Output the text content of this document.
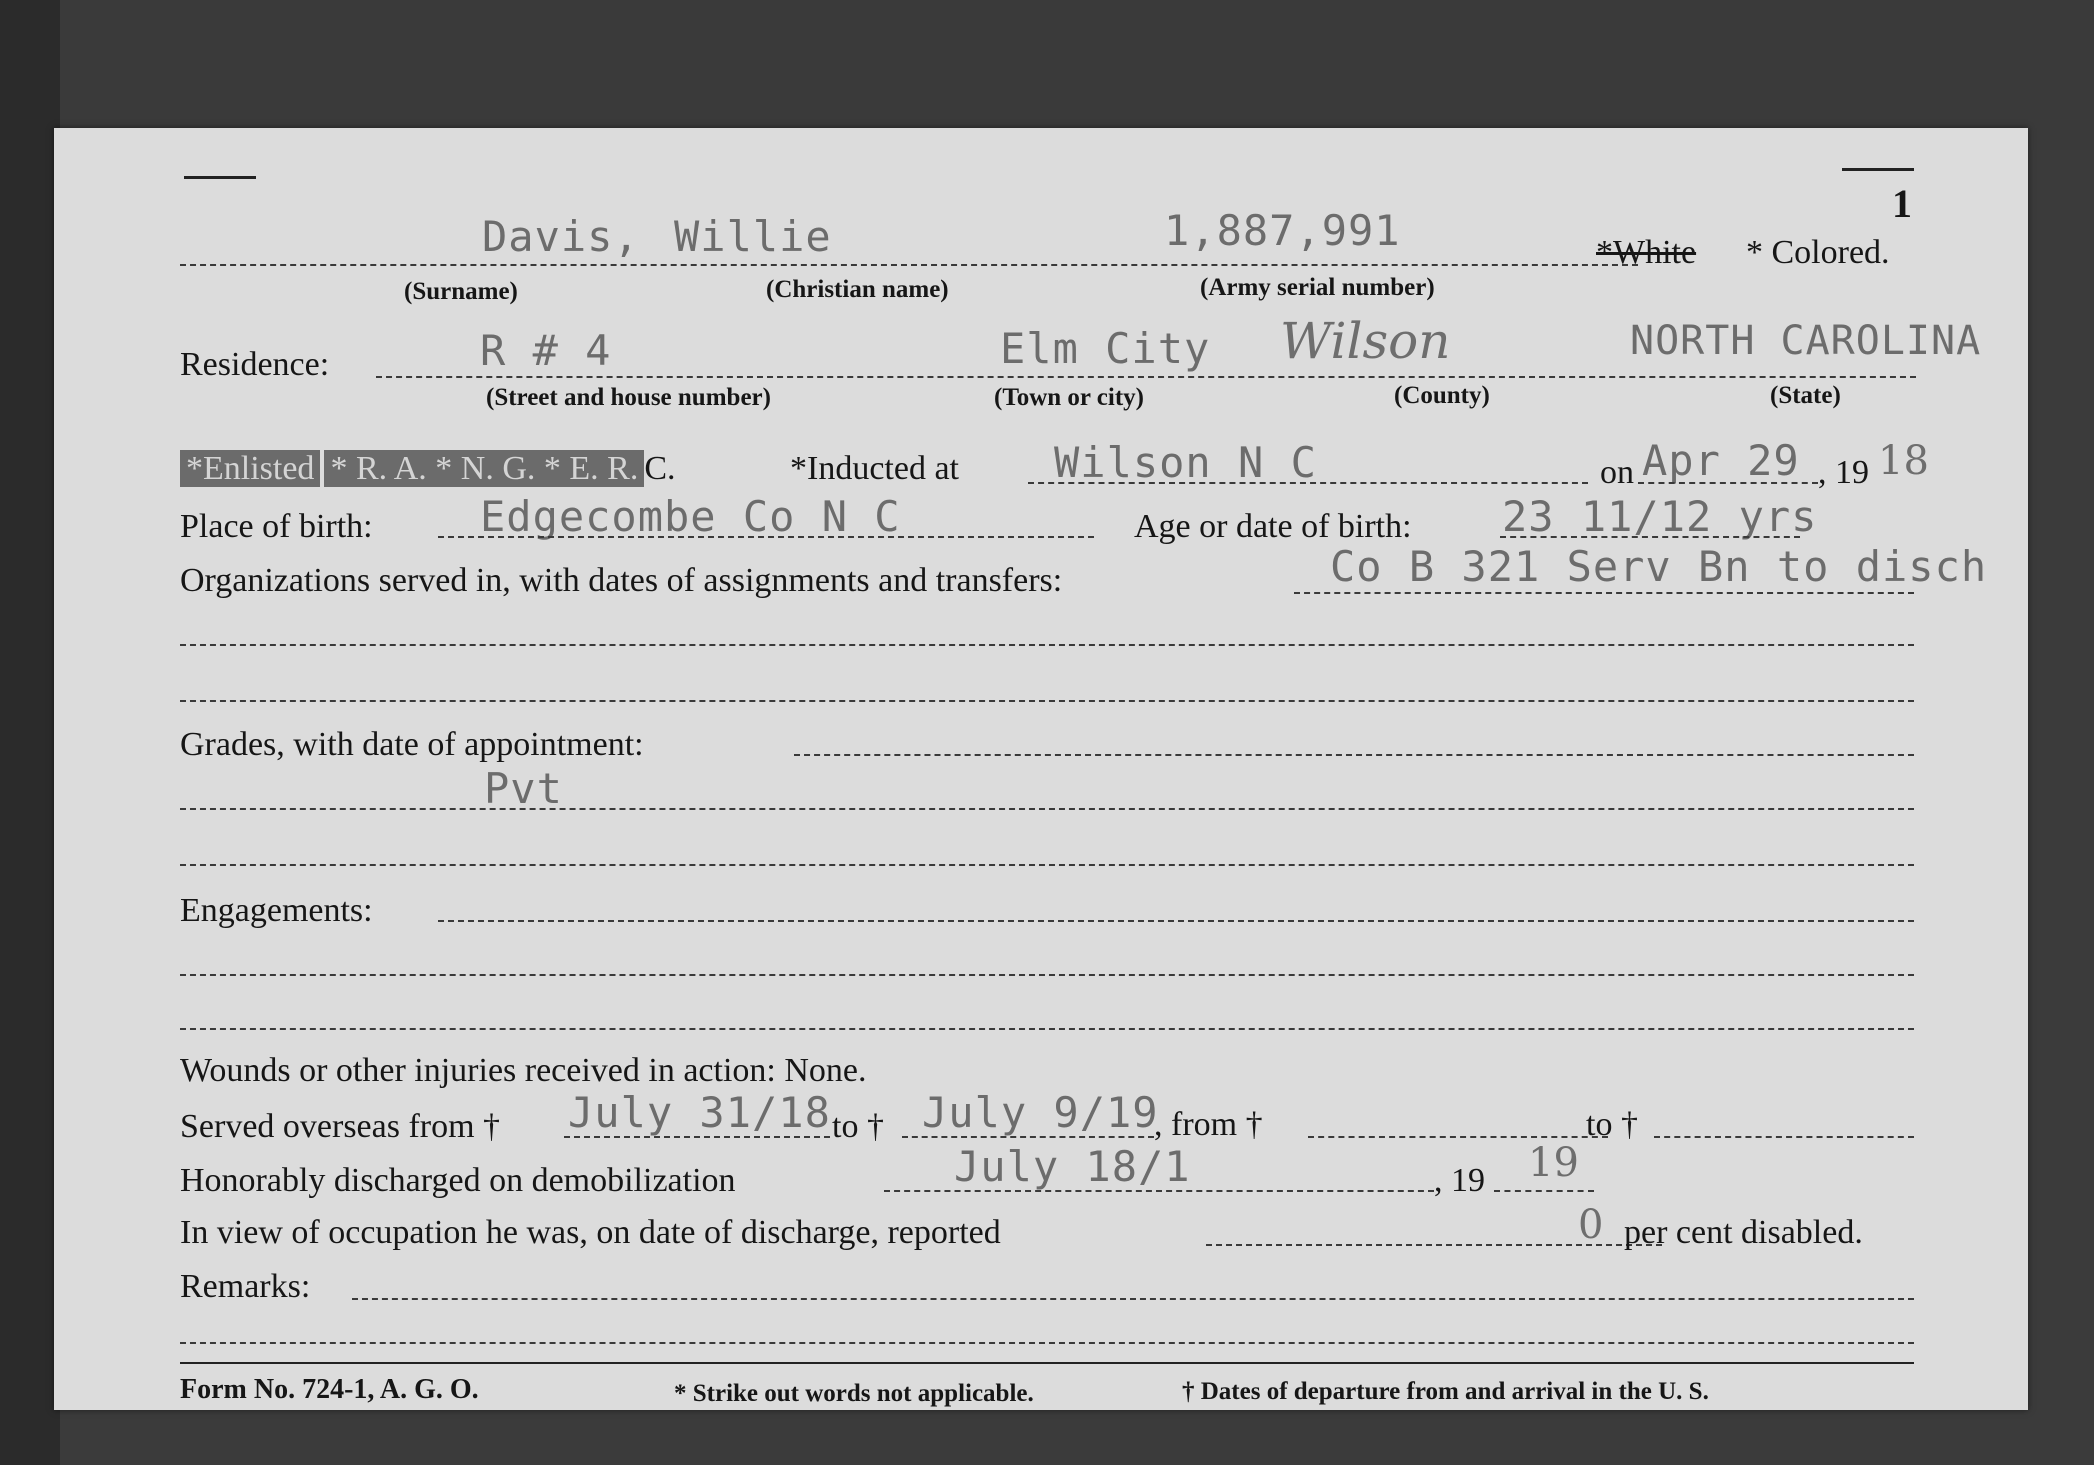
1
Davis, Willie	1,887,991	*White * Colored.
(Surname)	(Christian name)	(Army serial number)
Residence:	R # 4	Elm City Wilson	NORTH CAROLINA
(Street and house number)	(Town or city)	(County)	(State)
*Enlisted * R. A. * N. G. * E. R. C.	*Inducted at Wilson N C	on Apr 29 , 19 18
Place of birth:	Edgecombe Co N C	Age or date of birth: 23 11/12 yrs
Organizations served in, with dates of assignments and transfers:	Co B 321 Serv Bn to disch
Grades, with date of appointment:
Pvt
Engagements:
Wounds or other injuries received in action: None.
Served overseas from † July 31/18 to † July 9/19
, from †	to †
Honorably discharged on demobilization	July 18/1	, 19 19
In view of occupation he was, on date of discharge, reported	0 per cent disabled.
Remarks:
Form No. 724-1, A. G. O.	* Strike out words not applicable.	† Dates of departure from and arrival in the U. S.
